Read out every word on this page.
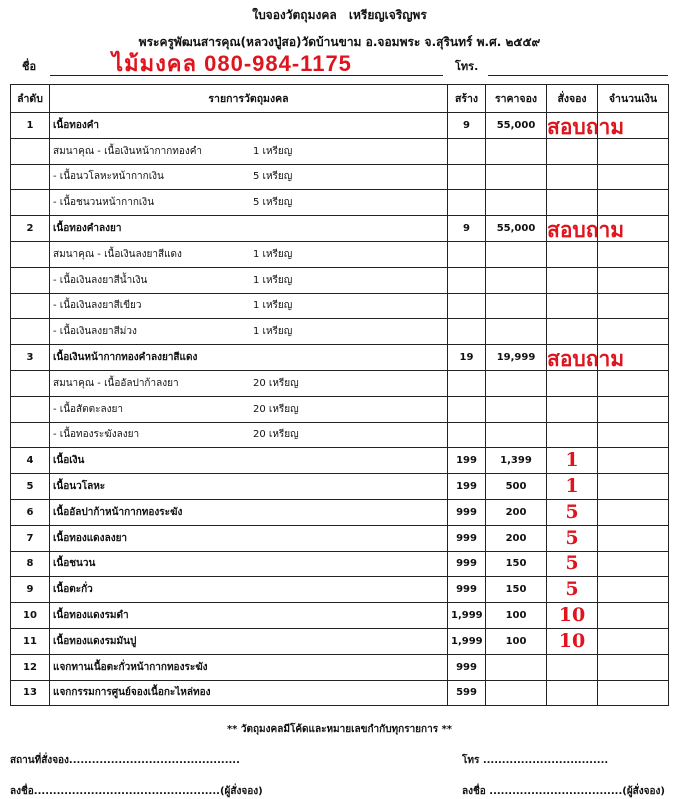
ใบจองวัตถุมงคล เหรียญเจริญพร
พระครูพัฒนสารคุณ(หลวงปู่สอ)วัดบ้านขาม อ.จอมพระ จ.สุรินทร์ พ.ศ. ๒๕๕๙
ชื่อ	ไม้มงคล 080-984-1175	โทร.
ลำดับ	รายการวัตถุมงคล	สร้าง	ราคาจอง	สั่งจอง	จำนวนเงิน
1	เนื้อทองคำ	9	55,000	สอบถาม	

	สมนาคุณ - เนื้อเงินหน้ากากทองคำ 1 เหรียญ				

	- เนื้อนวโลหะหน้ากากเงิน 5 เหรียญ				

	- เนื้อชนวนหน้ากากเงิน 5 เหรียญ				

2	เนื้อทองคำลงยา	9	55,000	สอบถาม	

	สมนาคุณ - เนื้อเงินลงยาสีแดง 1 เหรียญ				

	- เนื้อเงินลงยาสีน้ำเงิน 1 เหรียญ				

	- เนื้อเงินลงยาสีเขียว 1 เหรียญ				

	- เนื้อเงินลงยาสีม่วง 1 เหรียญ				

3	เนื้อเงินหน้ากากทองคำลงยาสีแดง	19	19,999	สอบถาม	

	สมนาคุณ - เนื้ออัลปาก้าลงยา 20 เหรียญ				

	- เนื้อสัตตะลงยา 20 เหรียญ				

	- เนื้อทองระฆังลงยา 20 เหรียญ				

4	เนื้อเงิน	199	1,399	1	
5	เนื้อนวโลหะ	199	500	1	
6	เนื้ออัลปาก้าหน้ากากทองระฆัง	999	200	5	
7	เนื้อทองแดงลงยา	999	200	5	
8	เนื้อชนวน	999	150	5	
9	เนื้อตะกั่ว	999	150	5	
10	เนื้อทองแดงรมดำ	1,999	100	10	
11	เนื้อทองแดงรมมันปู	1,999	100	10	
12	แจกทานเนื้อตะกั่วหน้ากากทองระฆัง	999			
13	แจกกรรมการศูนย์จองเนื้อกะไหล่ทอง	599			
** วัตถุมงคลมีโค้ดและหมายเลขกำกับทุกรายการ **
สถานที่สั่งจอง.............................................	โทร .................................
ลงชื่อ.................................................(ผู้สั่งจอง)	ลงชื่อ ...................................(ผู้สั่งจอง)
